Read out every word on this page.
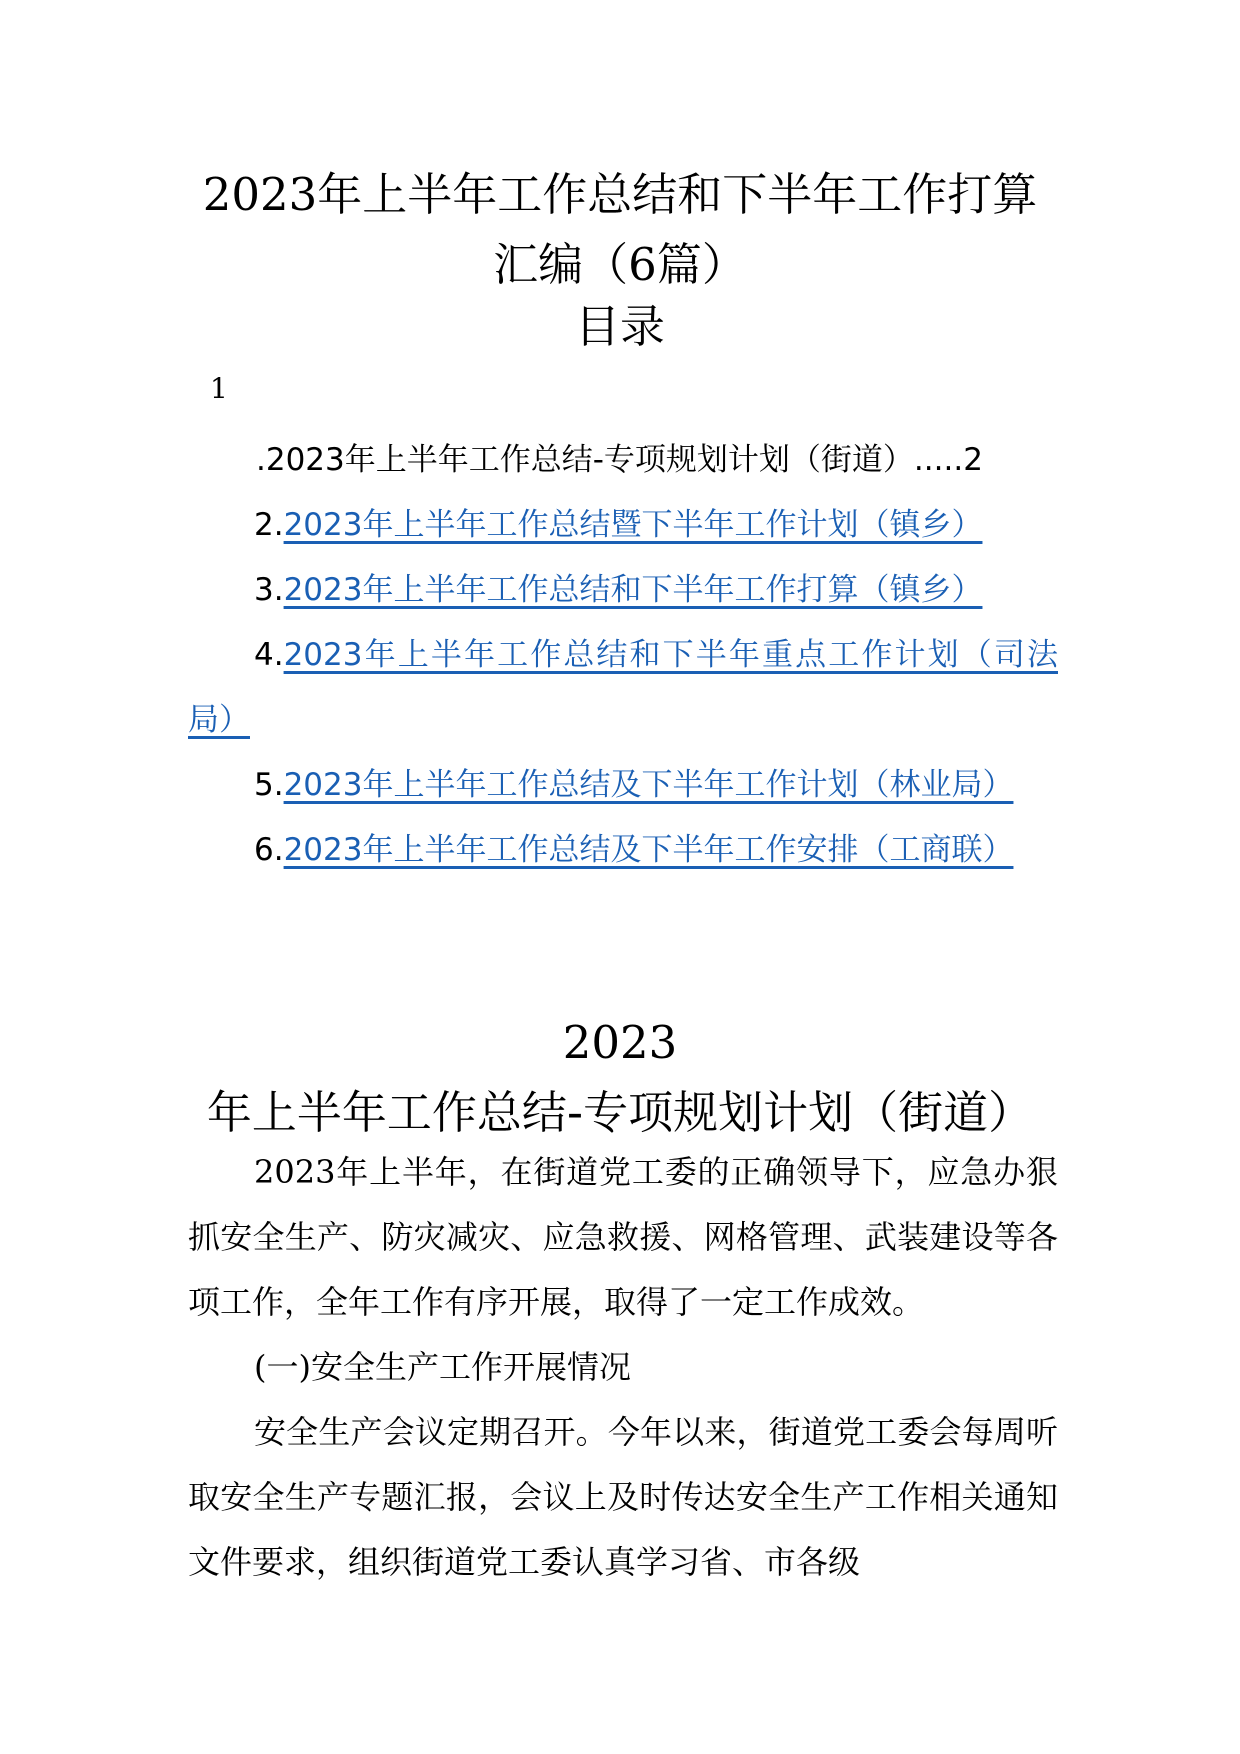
2023年上半年工作总结和下半年工作打算
汇编（6篇）
目录
1
.2023年上半年工作总结-专项规划计划（街道）.....2
2.2023年上半年工作总结暨下半年工作计划（镇乡）
3.2023年上半年工作总结和下半年工作打算（镇乡）
4.2023年上半年工作总结和下半年重点工作计划（司法局）
5.2023年上半年工作总结及下半年工作计划（林业局）
6.2023年上半年工作总结及下半年工作安排（工商联）
2023年上半年工作总结-专项规划计划（街道）

2023年上半年，在街道党工委的正确领导下，应急办狠抓安全生产、防灾减灾、应急救援、网格管理、武装建设等各项工作，全年工作有序开展，取得了一定工作成效。

(一)安全生产工作开展情况

安全生产会议定期召开。今年以来，街道党工委会每周听取安全生产专题汇报，会议上及时传达安全生产工作相关通知文件要求，组织街道党工委认真学习省、市各级
